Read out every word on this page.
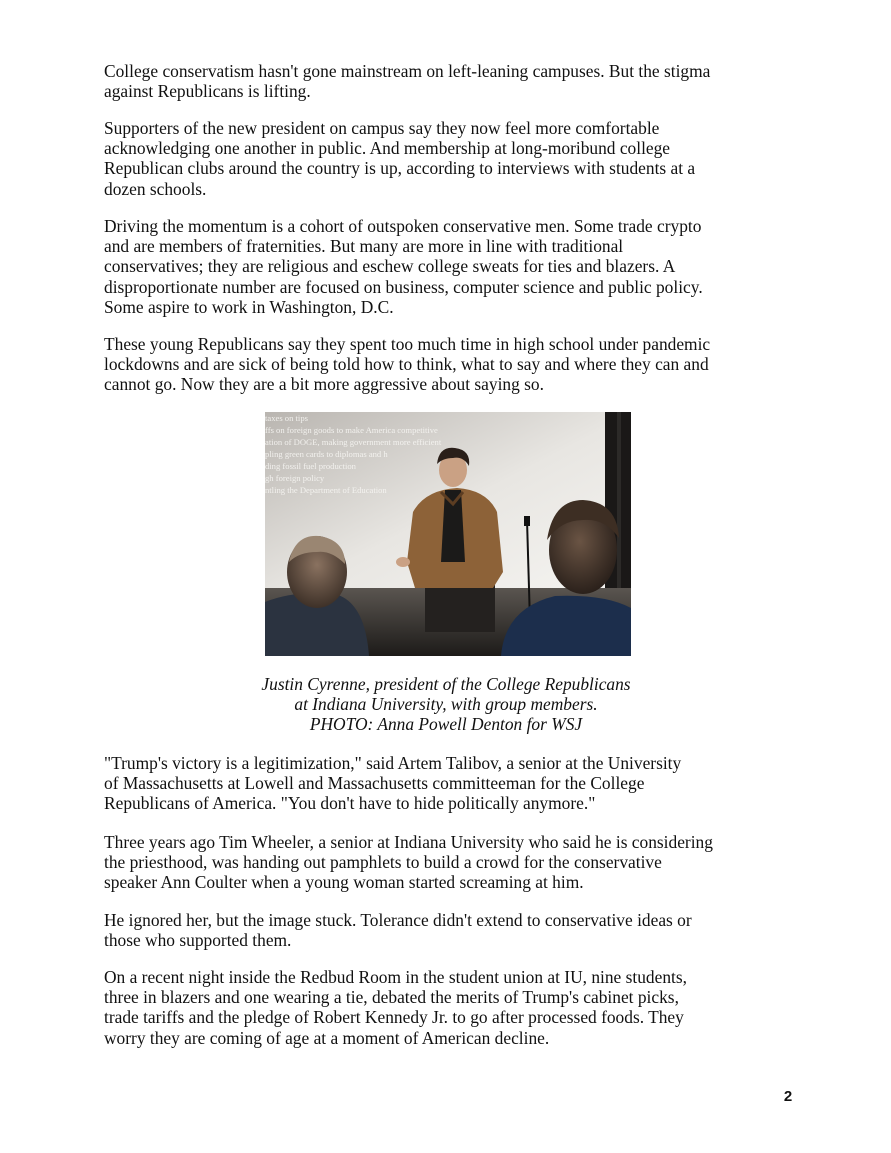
College conservatism hasn't gone mainstream on left-leaning campuses. But the stigma
against Republicans is lifting.

Supporters of the new president on campus say they now feel more comfortable
acknowledging one another in public. And membership at long-moribund college
Republican clubs around the country is up, according to interviews with students at a
dozen schools.

Driving the momentum is a cohort of outspoken conservative men. Some trade crypto
and are members of fraternities. But many are more in line with traditional
conservatives; they are religious and eschew college sweats for ties and blazers. A
disproportionate number are focused on business, computer science and public policy.
Some aspire to work in Washington, D.C.

These young Republicans say they spent too much time in high school under pandemic
lockdowns and are sick of being told how to think, what to say and where they can and
cannot go. Now they are a bit more aggressive about saying so.

taxes on tips
ffs on foreign goods to make America competitive
ation of DOGE, making government more efficient
pling green cards to diplomas and h
ding fossil fuel production
gh foreign policy
ntling the Department of Education

Justin Cyrenne, president of the College Republicans
at Indiana University, with group members.
PHOTO: Anna Powell Denton for WSJ

"Trump's victory is a legitimization," said Artem Talibov, a senior at the University
of Massachusetts at Lowell and Massachusetts committeeman for the College
Republicans of America. "You don't have to hide politically anymore."

Three years ago Tim Wheeler, a senior at Indiana University who said he is considering
the priesthood, was handing out pamphlets to build a crowd for the conservative
speaker Ann Coulter when a young woman started screaming at him.

He ignored her, but the image stuck. Tolerance didn't extend to conservative ideas or
those who supported them.

On a recent night inside the Redbud Room in the student union at IU, nine students,
three in blazers and one wearing a tie, debated the merits of Trump's cabinet picks,
trade tariffs and the pledge of Robert Kennedy Jr. to go after processed foods. They
worry they are coming of age at a moment of American decline.

2
